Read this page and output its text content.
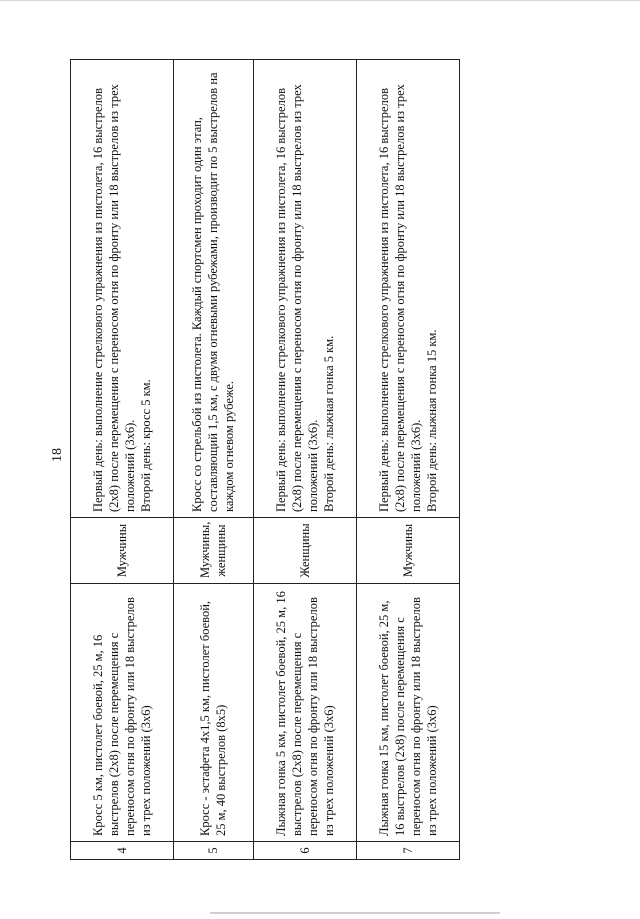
18
4	Кросс 5 км, пистолет боевой, 25 м, 16 выстрелов (2х8) после перемещения с переносом огня по фронту или 18 выстрелов из трех положений (3х6)	Мужчины	Первый день: выполнение стрелкового упражнения из пистолета, 16 выстрелов (2х8) после перемещения с переносом огня по фронту или 18 выстрелов из трех положений (3х6). Второй день: кросс 5 км.

5	Кросс - эстафета 4х1,5 км, пистолет боевой, 25 м, 40 выстрелов (8х5)	Мужчины, женщины	Кросс со стрельбой из пистолета. Каждый спортсмен проходит один этап, составляющий 1,5 км, с двумя огневыми рубежами, производит по 5 выстрелов на каждом огневом рубеже.

6	Лыжная гонка 5 км, пистолет боевой, 25 м, 16 выстрелов (2х8) после перемещения с переносом огня по фронту или 18 выстрелов из трех положений (3х6)	Женщины	Первый день: выполнение стрелкового упражнения из пистолета, 16 выстрелов (2х8) после перемещения с переносом огня по фронту или 18 выстрелов из трех положений (3х6). Второй день: лыжная гонка 5 км.

7	Лыжная гонка 15 км, пистолет боевой, 25 м, 16 выстрелов (2х8) после перемещения с переносом огня по фронту или 18 выстрелов из трех положений (3х6)	Мужчины	Первый день: выполнение стрелкового упражнения из пистолета, 16 выстрелов (2х8) после перемещения с переносом огня по фронту или 18 выстрелов из трех положений (3х6). Второй день: лыжная гонка 15 км.
